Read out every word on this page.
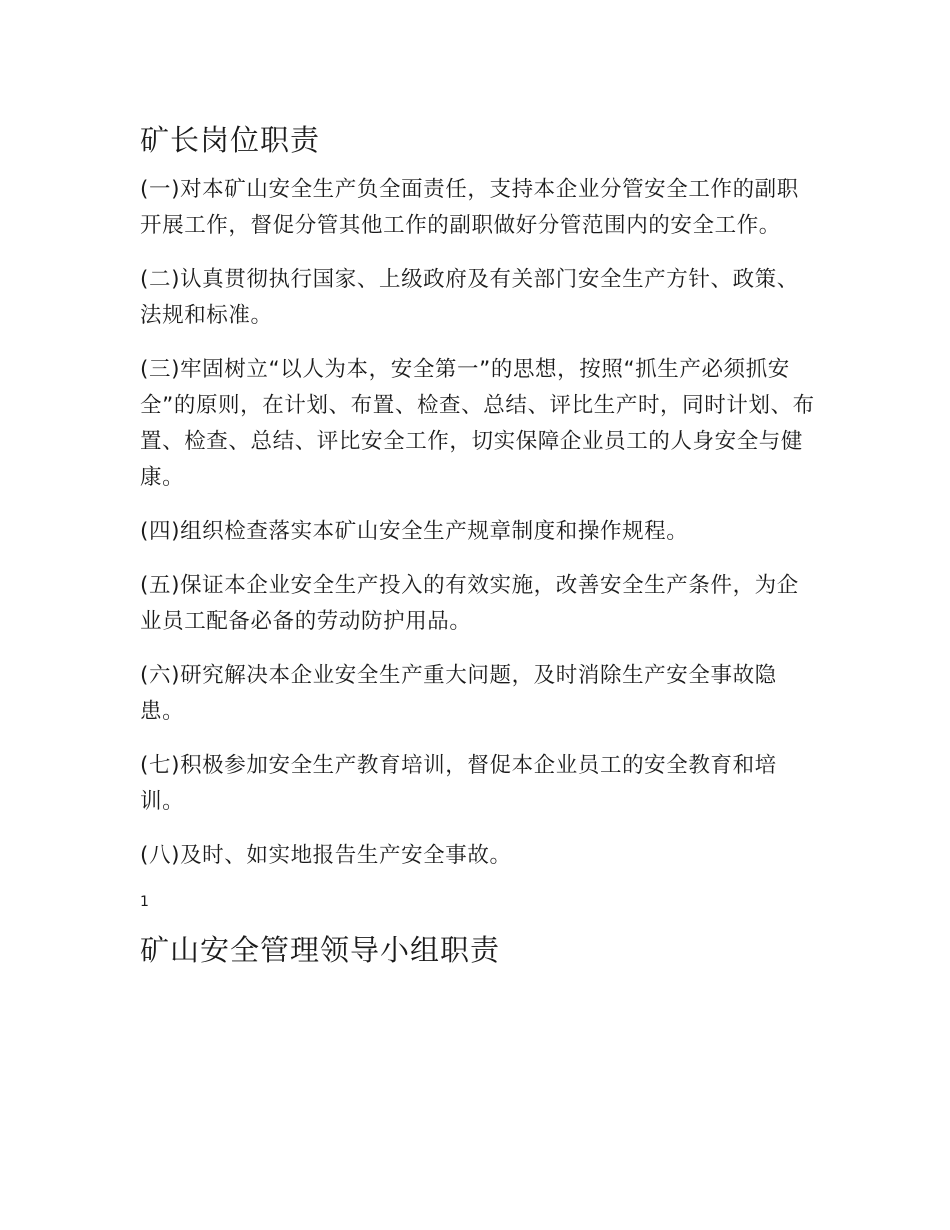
矿长岗位职责

(一)对本矿山安全生产负全面责任，支持本企业分管安全工作的副职开展工作，督促分管其他工作的副职做好分管范围内的安全工作。

(二)认真贯彻执行国家、上级政府及有关部门安全生产方针、政策、法规和标准。

(三)牢固树立“以人为本，安全第一”的思想，按照“抓生产必须抓安全”的原则，在计划、布置、检查、总结、评比生产时，同时计划、布置、检查、总结、评比安全工作，切实保障企业员工的人身安全与健康。

(四)组织检查落实本矿山安全生产规章制度和操作规程。

(五)保证本企业安全生产投入的有效实施，改善安全生产条件，为企业员工配备必备的劳动防护用品。

(六)研究解决本企业安全生产重大问题，及时消除生产安全事故隐患。

(七)积极参加安全生产教育培训，督促本企业员工的安全教育和培训。

(八)及时、如实地报告生产安全事故。

1
矿山安全管理领导小组职责
